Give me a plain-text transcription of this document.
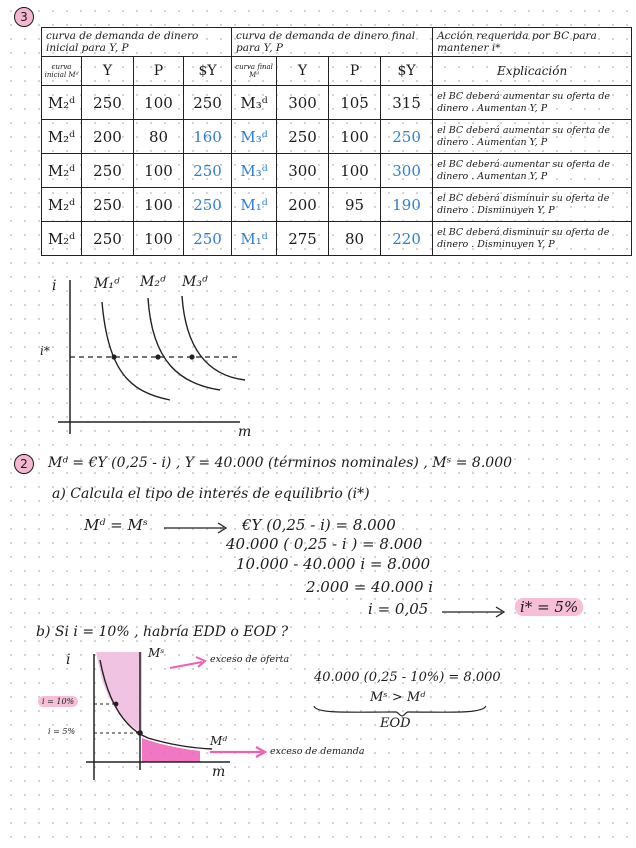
3
curva de demanda de dinero inicial para Y, P				curva de demanda de dinero final para Y, P				Acción requerida por BC para mantener i*
curva inicial Mᵈ	Y	P	$Y	curva final Mᵈ	Y	P	$Y	Explicación
M₂ᵈ	250	100	250	M₃ᵈ	300	105	315	el BC deberá aumentar su oferta de dinero . Aumentan Y, P
M₂ᵈ	200	80	160	M₃ᵈ	250	100	250	el BC deberá aumentar su oferta de dinero . Aumentan Y, P
M₂ᵈ	250	100	250	M₃ᵈ	300	100	300	el BC deberá aumentar su oferta de dinero . Aumentan Y, P
M₂ᵈ	250	100	250	M₁ᵈ	200	95	190	el BC deberá disminuir su oferta de dinero . Disminuyen Y, P
M₂ᵈ	250	100	250	M₁ᵈ	275	80	220	el BC deberá disminuir su oferta de dinero . Disminuyen Y, P
i
m
i*
M₁ᵈ M₂ᵈ M₃ᵈ
2	Mᵈ = €Y (0,25 - i) , Y = 40.000 (términos nominales) , Mˢ = 8.000
a) Calcula el tipo de interés de equilibrio (i*)
Mᵈ = Mˢ	€Y (0,25 - i) = 8.000
40.000 ( 0,25 - i ) = 8.000
10.000 - 40.000 i = 8.000
2.000 = 40.000 i
i = 0,05	i* = 5%
b) Si i = 10% , habría EDD o EOD ?
i
m
Mˢ
Mᵈ
i = 10%
i = 5%
exceso de oferta
exceso de demanda
40.000 (0,25 - 10%) = 8.000
Mˢ > Mᵈ
EOD
